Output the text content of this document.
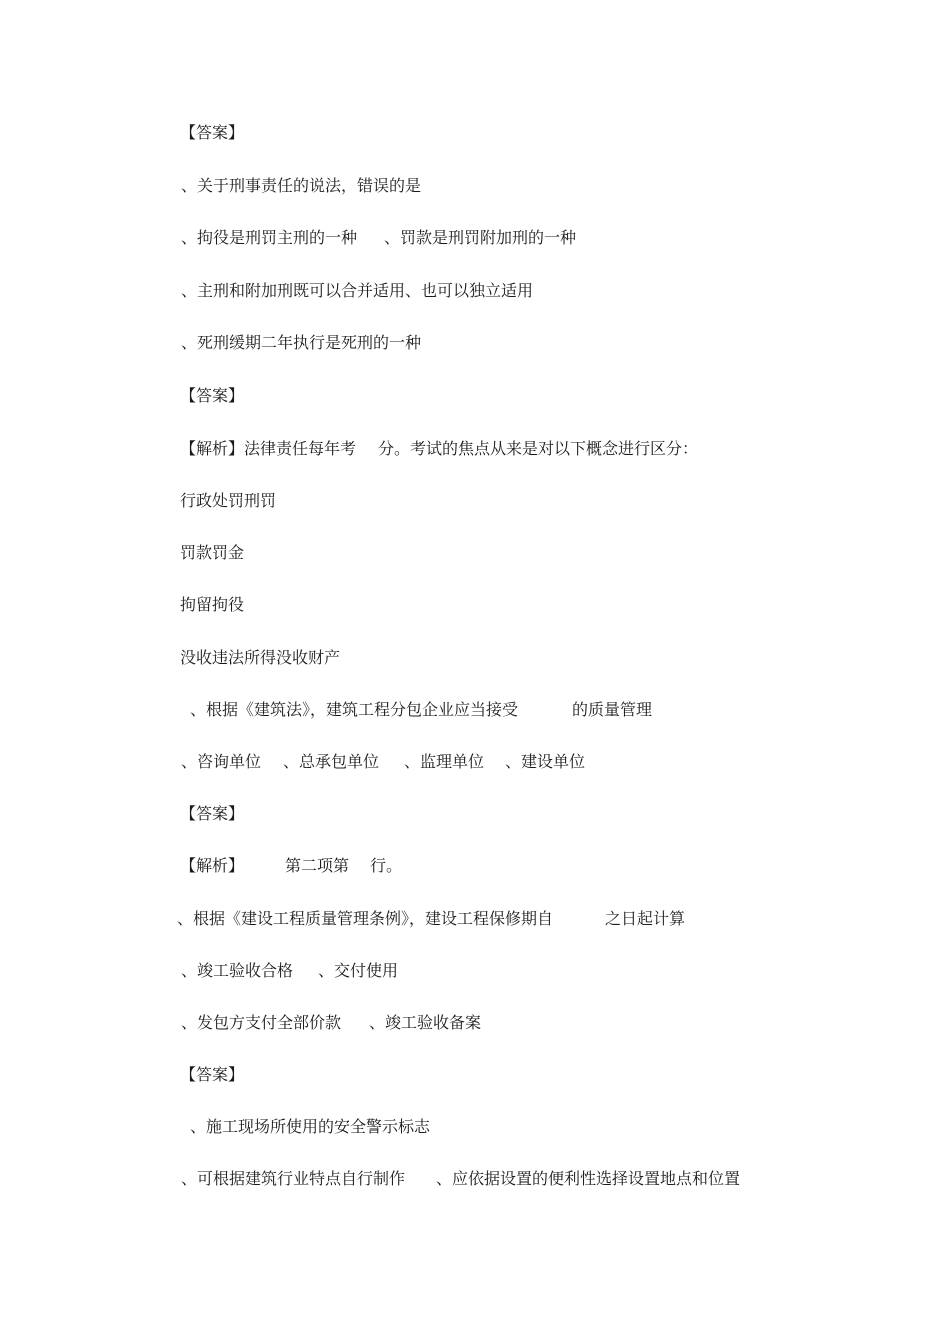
【答案】
、关于刑事责任的说法，错误的是
、拘役是刑罚主刑的一种 、罚款是刑罚附加刑的一种
、主刑和附加刑既可以合并适用、也可以独立适用
、死刑缓期二年执行是死刑的一种
【答案】
【解析】法律责任每年考 分。考试的焦点从来是对以下概念进行区分：
行政处罚刑罚
罚款罚金
拘留拘役
没收违法所得没收财产
、根据《建筑法》，建筑工程分包企业应当接受	的质量管理
、咨询单位 、总承包单位 、监理单位 、建设单位
【答案】
【解析】	第二项第 行。
、根据《建设工程质量管理条例》，建设工程保修期自	之日起计算
、竣工验收合格 、交付使用
、发包方支付全部价款 、竣工验收备案
【答案】
、施工现场所使用的安全警示标志
、可根据建筑行业特点自行制作 、应依据设置的便利性选择设置地点和位置
